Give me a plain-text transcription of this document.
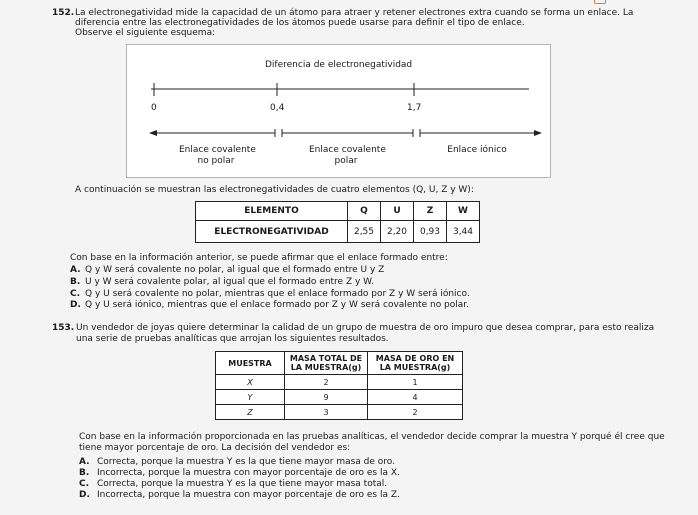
152. La electronegatividad mide la capacidad de un átomo para atraer y retener electrones extra cuando se forma un enlace. La
diferencia entre las electronegatividades de los átomos puede usarse para definir el tipo de enlace.
Observe el siguiente esquema:
Diferencia de electronegatividad
0	0,4	1,7
Enlace covalente
no polar
Enlace covalente
polar
Enlace iónico
A continuación se muestran las electronegatividades de cuatro elementos (Q, U, Z y W):
ELEMENTO	Q	U	Z	W
ELECTRONEGATIVIDAD	2,55	2,20	0,93	3,44
Con base en la información anterior, se puede afirmar que el enlace formado entre:
A. Q y W será covalente no polar, al igual que el formado entre U y Z
B. U y W será covalente polar, al igual que el formado entre Z y W.
C. Q y U será covalente no polar, mientras que el enlace formado por Z y W será iónico.
D. Q y U será iónico, mientras que el enlace formado por Z y W será covalente no polar.
153. Un vendedor de joyas quiere determinar la calidad de un grupo de muestra de oro impuro que desea comprar, para esto realiza
una serie de pruebas analíticas que arrojan los siguientes resultados.
MUESTRA	MASA TOTAL DE LA MUESTRA(g)	MASA DE ORO EN LA MUESTRA(g)
X	2	1
Y	9	4
Z	3	2
Con base en la información proporcionada en las pruebas analíticas, el vendedor decide comprar la muestra Y porqué él cree que
tiene mayor porcentaje de oro. La decisión del vendedor es:
A. Correcta, porque la muestra Y es la que tiene mayor masa de oro.
B. Incorrecta, porque la muestra con mayor porcentaje de oro es la X.
C. Correcta, porque la muestra Y es la que tiene mayor masa total.
D. Incorrecta, porque la muestra con mayor porcentaje de oro es la Z.
